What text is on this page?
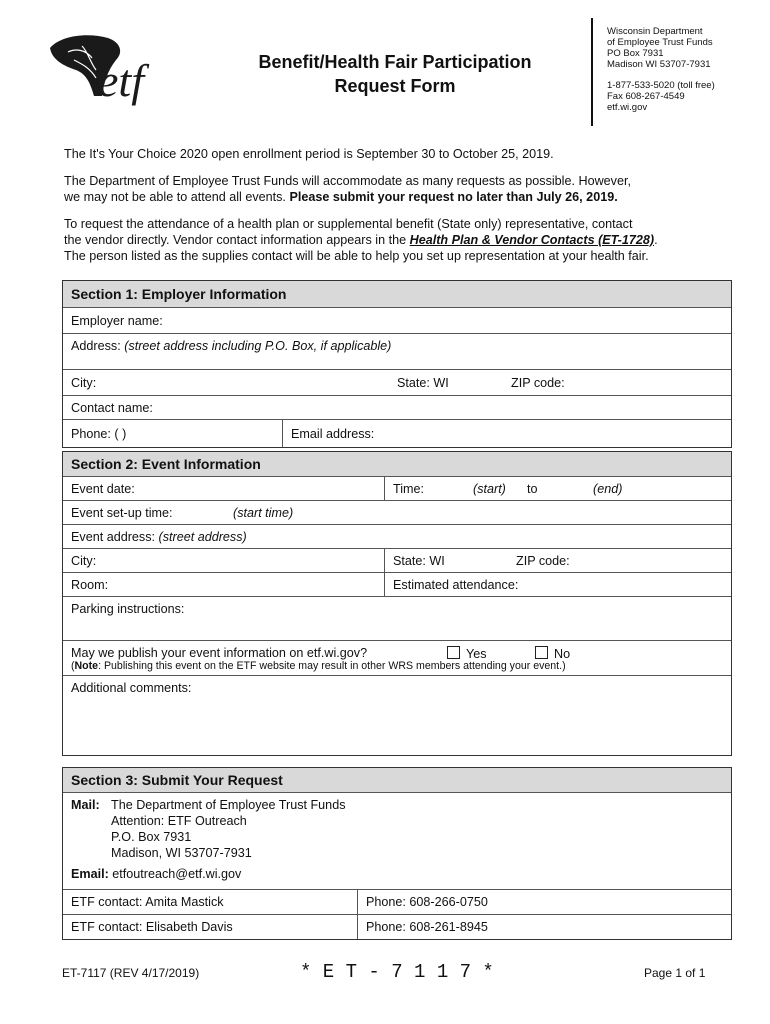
etf	Benefit/Health Fair Participation
Request Form
Wisconsin Department
of Employee Trust Funds
PO Box 7931
Madison WI 53707-7931
1-877-533-5020 (toll free)
Fax 608-267-4549
etf.wi.gov
The It's Your Choice 2020 open enrollment period is September 30 to October 25, 2019.
The Department of Employee Trust Funds will accommodate as many requests as possible. However,
we may not be able to attend all events. Please submit your request no later than July 26, 2019.
To request the attendance of a health plan or supplemental benefit (State only) representative, contact
the vendor directly. Vendor contact information appears in the Health Plan & Vendor Contacts (ET-1728).
The person listed as the supplies contact will be able to help you set up representation at your health fair.
Section 1: Employer Information
Employer name:
Address: (street address including P.O. Box, if applicable)
City:	State: WI	ZIP code:
Contact name:
Phone: ( )	Email address:
Section 2: Event Information
Event date:	Time:	(start) to	(end)
Event set-up time:	(start time)
Event address: (street address)
City:	State: WI	ZIP code:
Room:	Estimated attendance:
Parking instructions:
May we publish your event information on etf.wi.gov?	Yes	No
(Note: Publishing this event on the ETF website may result in other WRS members attending your event.)
Additional comments:
Section 3: Submit Your Request
Mail: The Department of Employee Trust Funds
Attention: ETF Outreach
P.O. Box 7931
Madison, WI 53707-7931
Email: etfoutreach@etf.wi.gov
ETF contact: Amita Mastick	Phone: 608-266-0750
ETF contact: Elisabeth Davis	Phone: 608-261-8945
ET-7117 (REV 4/17/2019)	* E T - 7 1 1 7 *	Page 1 of 1
